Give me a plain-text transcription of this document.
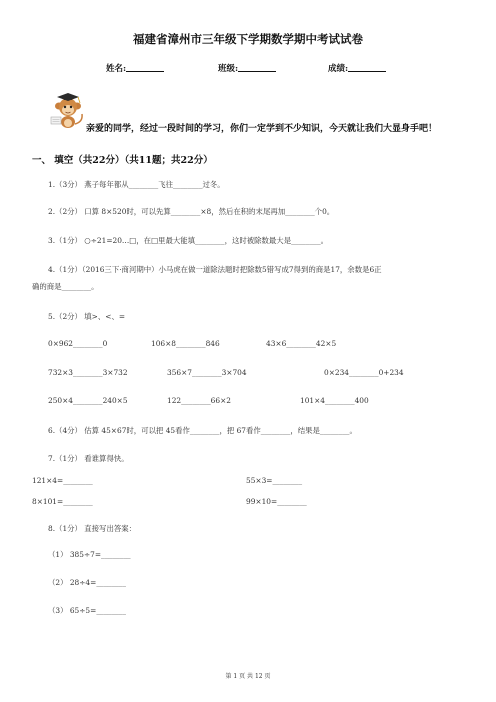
福建省漳州市三年级下学期数学期中考试试卷
姓名:	班级:	成绩:
亲爱的同学，经过一段时间的学习，你们一定学到不少知识，今天就让我们大显身手吧！
一、 填空（共22分）（共11题；共22分）
1.（3分） 燕子每年都从________飞往________过冬。
2.（2分） 口算 8×520时，可以先算________×8，然后在积的末尾再加________个0。
3.（1分） ○÷21=20…□，在□里最大能填________，这时被除数最大是________。
4.（1分）（2016三下·商河期中）小马虎在做一道除法题时把除数5错写成7得到的商是17，余数是6正
确的商是________。
5.（2分） 填>、<、=
0×962________0	106×8________846	43×6________42×5
732×3________3×732	356×7________3×704	0×234________0+234
250×4________240×5	122________66×2	101×4________400
6.（4分） 估算 45×67时，可以把 45看作________，把 67看作________，结果是________。
7.（1分） 看谁算得快。
121×4=________	55×3=________
8×101=________	99×10=________
8.（1分） 直接写出答案：
（1） 385÷7=________
（2） 28÷4=________
（3） 65÷5=________
第 1 页 共 12 页
